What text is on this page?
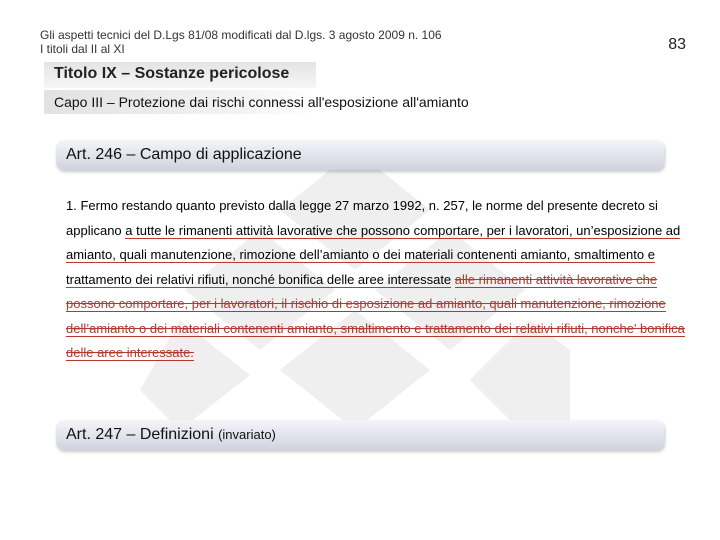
Gli aspetti tecnici del D.Lgs 81/08 modificati dal D.lgs. 3 agosto 2009 n. 106
I titoli dal II al XI	83
Titolo IX – Sostanze pericolose
Capo III – Protezione dai rischi connessi all'esposizione all'amianto
Art. 246 – Campo di applicazione
1. Fermo restando quanto previsto dalla legge 27 marzo 1992, n. 257, le norme del presente decreto si applicano a tutte le rimanenti attività lavorative che possono comportare, per i lavoratori, un’esposizione ad amianto, quali manutenzione, rimozione dell’amianto o dei materiali contenenti amianto, smaltimento e trattamento dei relativi rifiuti, nonché bonifica delle aree interessate alle rimanenti attività lavorative che possono comportare, per i lavoratori, il rischio di esposizione ad amianto, quali manutenzione, rimozione dell’amianto o dei materiali contenenti amianto, smaltimento e trattamento dei relativi rifiuti, nonche' bonifica delle aree interessate.
Art. 247 – Definizioni (invariato)
